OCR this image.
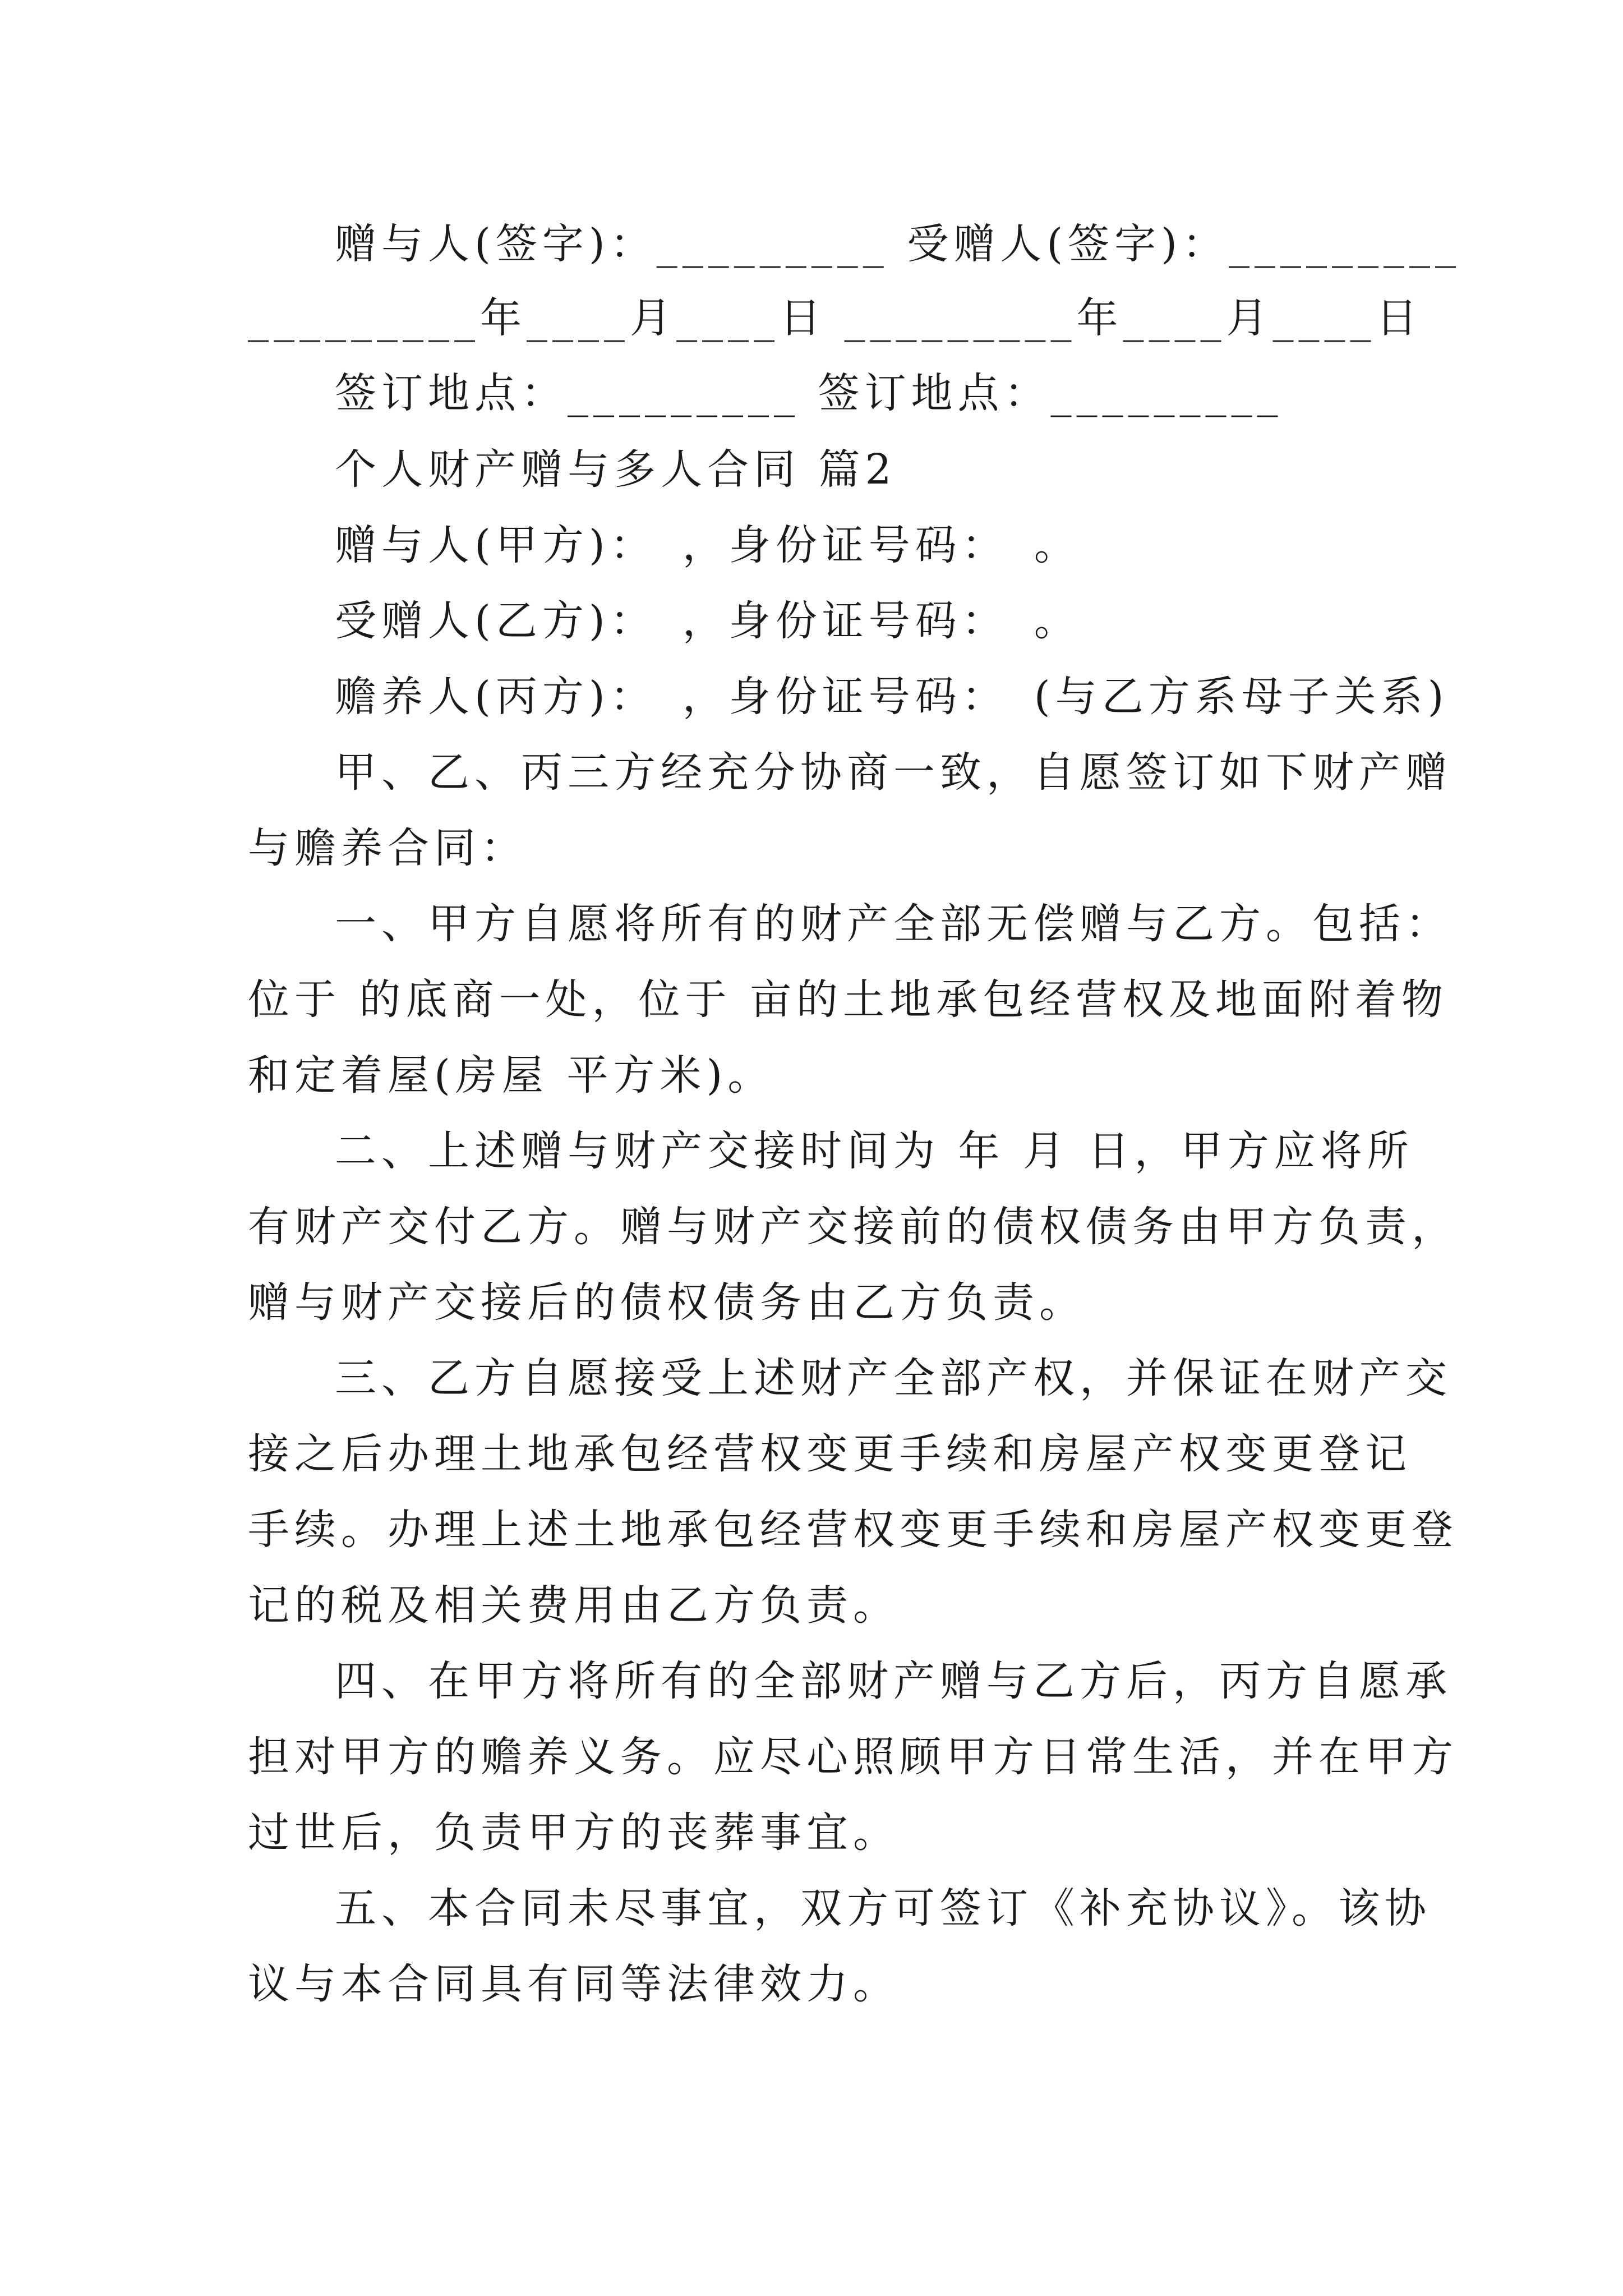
赠与人(签字)：_________ 受赠人(签字)：_________
_________年____月____日 _________年____月____日
签订地点：_________ 签订地点：_________
个人财产赠与多人合同 篇2
赠与人(甲方)：　，身份证号码：　。
受赠人(乙方)：　，身份证号码：　。
赡养人(丙方)：　，身份证号码：　(与乙方系母子关系)
甲、乙、丙三方经充分协商一致，自愿签订如下财产赠
与赡养合同：
一、甲方自愿将所有的财产全部无偿赠与乙方。包括：
位于 的底商一处，位于 亩的土地承包经营权及地面附着物
和定着屋(房屋 平方米)。
二、上述赠与财产交接时间为 年 月 日，甲方应将所
有财产交付乙方。赠与财产交接前的债权债务由甲方负责，
赠与财产交接后的债权债务由乙方负责。
三、乙方自愿接受上述财产全部产权，并保证在财产交
接之后办理土地承包经营权变更手续和房屋产权变更登记
手续。办理上述土地承包经营权变更手续和房屋产权变更登
记的税及相关费用由乙方负责。
四、在甲方将所有的全部财产赠与乙方后，丙方自愿承
担对甲方的赡养义务。应尽心照顾甲方日常生活，并在甲方
过世后，负责甲方的丧葬事宜。
五、本合同未尽事宜，双方可签订《补充协议》。该协
议与本合同具有同等法律效力。
